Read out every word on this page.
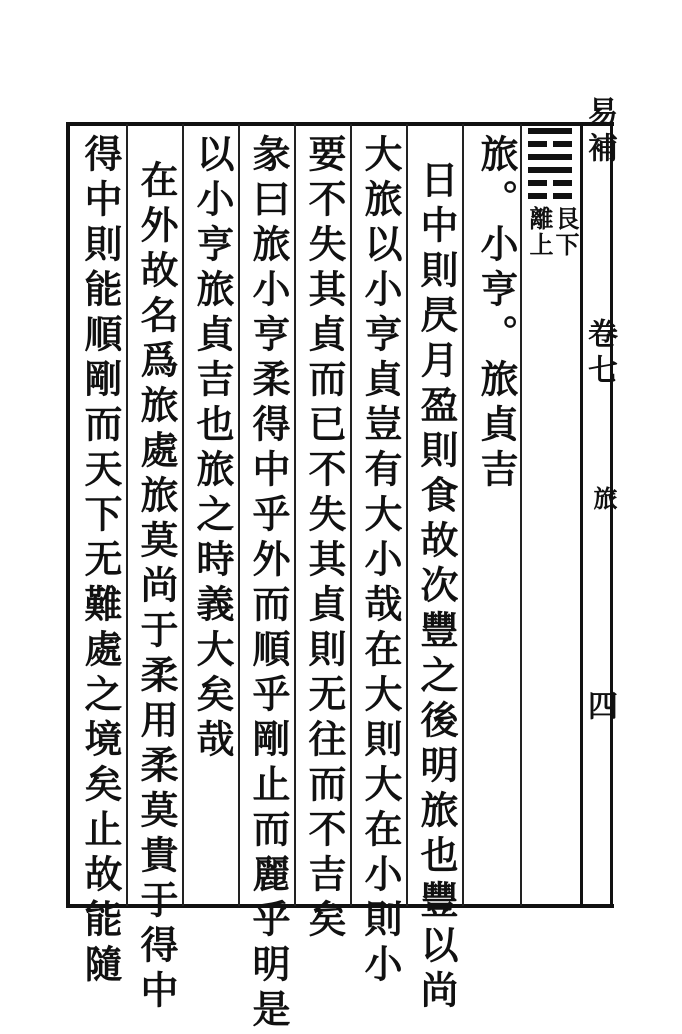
易補
卷七
旅
四
艮下
離上
旅。小亨。旅貞吉
日中則昃月盈則食故次豐之後明旅也豐以尚
大旅以小亨貞豈有大小哉在大則大在小則小
要不失其貞而已不失其貞則无往而不吉矣
彖曰旅小亨柔得中乎外而順乎剛止而麗乎明是
以小亨旅貞吉也旅之時義大矣哉
在外故名爲旅處旅莫尚于柔用柔莫貴于得中
得中則能順剛而天下无難處之境矣止故能隨
